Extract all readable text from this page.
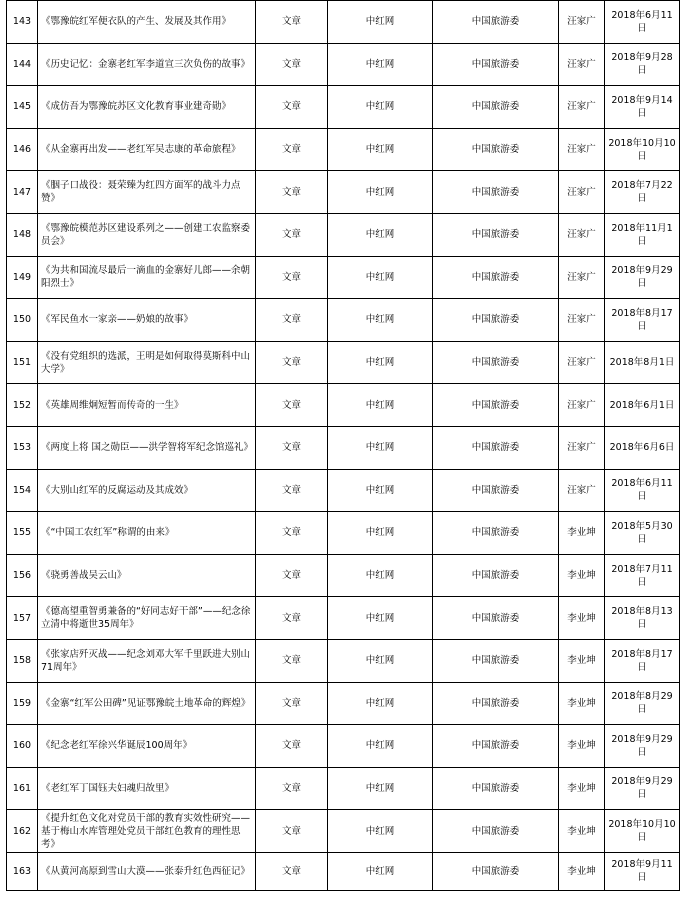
143	《鄂豫皖红军便衣队的产生、发展及其作用》	文章	中红网	中国旅游委	汪家广	2018年6月11日
144	《历史记忆：金寨老红军李道宣三次负伤的故事》	文章	中红网	中国旅游委	汪家广	2018年9月28日
145	《成仿吾为鄂豫皖苏区文化教育事业建奇勋》	文章	中红网	中国旅游委	汪家广	2018年9月14日
146	《从金寨再出发——老红军吴志康的革命旅程》	文章	中红网	中国旅游委	汪家广	2018年10月10日
147	《胭子口战役：聂荣臻为红四方面军的战斗力点赞》	文章	中红网	中国旅游委	汪家广	2018年7月22日
148	《鄂豫皖模范苏区建设系列之——创建工农监察委员会》	文章	中红网	中国旅游委	汪家广	2018年11月1日
149	《为共和国流尽最后一滴血的金寨好儿郎——余朝阳烈士》	文章	中红网	中国旅游委	汪家广	2018年9月29日
150	《军民鱼水一家亲——奶娘的故事》	文章	中红网	中国旅游委	汪家广	2018年8月17日
151	《没有党组织的选派，王明是如何取得莫斯科中山大学》	文章	中红网	中国旅游委	汪家广	2018年8月1日
152	《英雄周维炯短暂而传奇的一生》	文章	中红网	中国旅游委	汪家广	2018年6月1日
153	《两度上将 国之勋臣——洪学智将军纪念馆巡礼》	文章	中红网	中国旅游委	汪家广	2018年6月6日
154	《大别山红军的反腐运动及其成效》	文章	中红网	中国旅游委	汪家广	2018年6月11日
155	《“中国工农红军”称谓的由来》	文章	中红网	中国旅游委	李业坤	2018年5月30日
156	《骁勇善战吴云山》	文章	中红网	中国旅游委	李业坤	2018年7月11日
157	《德高望重智勇兼备的“好同志好干部”——纪念徐立清中将逝世35周年》	文章	中红网	中国旅游委	李业坤	2018年8月13日
158	《张家店歼灭战——纪念刘邓大军千里跃进大别山71周年》	文章	中红网	中国旅游委	李业坤	2018年8月17日
159	《金寨“红军公田碑”见证鄂豫皖土地革命的辉煌》	文章	中红网	中国旅游委	李业坤	2018年8月29日
160	《纪念老红军徐兴华诞辰100周年》	文章	中红网	中国旅游委	李业坤	2018年9月29日
161	《老红军丁国钰夫妇魂归故里》	文章	中红网	中国旅游委	李业坤	2018年9月29日
162	《提升红色文化对党员干部的教育实效性研究——基于梅山水库管理处党员干部红色教育的理性思考》	文章	中红网	中国旅游委	李业坤	2018年10月10日
163	《从黄河高原到雪山大漠——张泰升红色西征记》	文章	中红网	中国旅游委	李业坤	2018年9月11日
